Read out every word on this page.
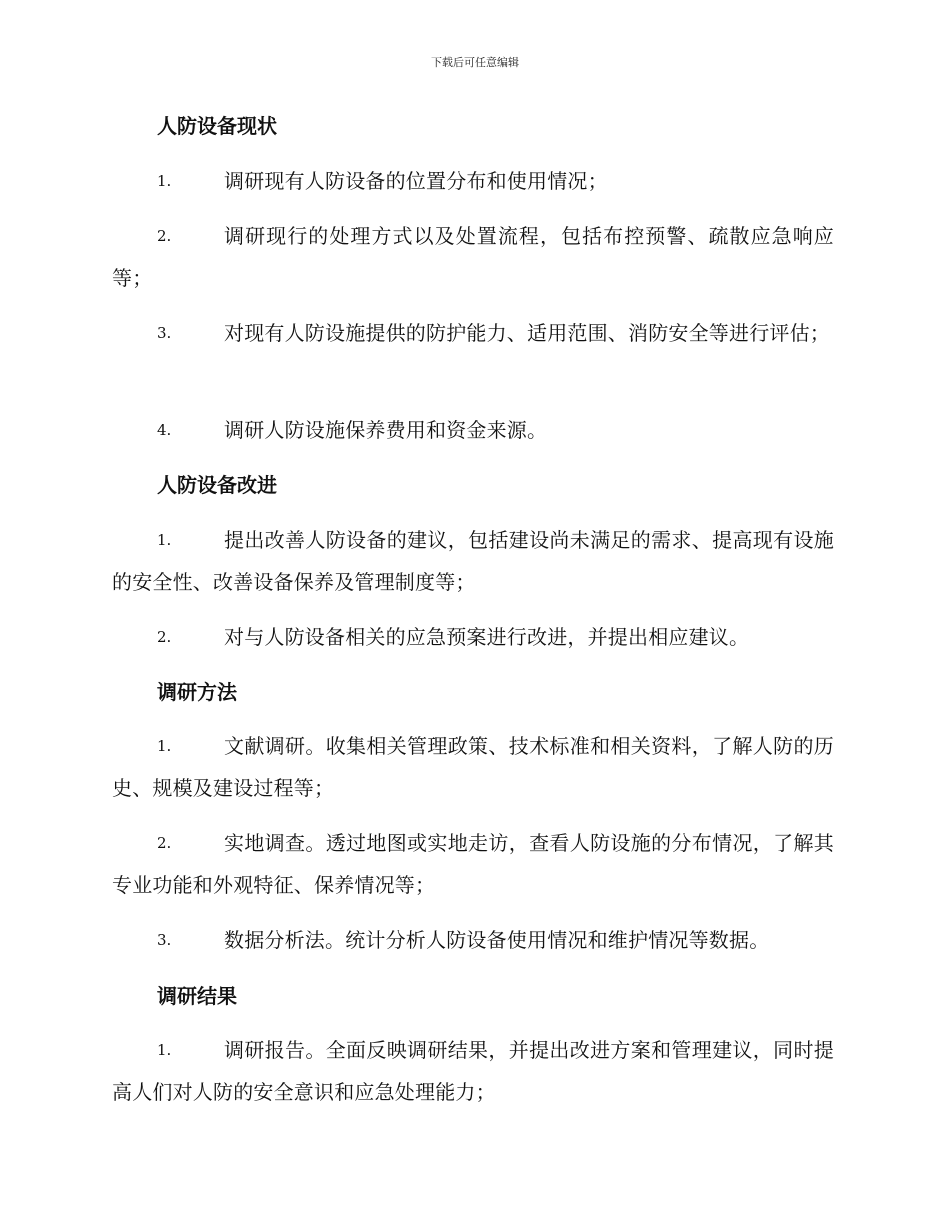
下载后可任意编辑
人防设备现状
1.	调研现有人防设备的位置分布和使用情况；

2.	调研现行的处理方式以及处置流程，包括布控预警、疏散应急响应等；

3.	对现有人防设施提供的防护能力、适用范围、消防安全等进行评估；

4.	调研人防设施保养费用和资金来源。

人防设备改进
1.	提出改善人防设备的建议，包括建设尚未满足的需求、提高现有设施的安全性、改善设备保养及管理制度等；

2.	对与人防设备相关的应急预案进行改进，并提出相应建议。

调研方法
1.	文献调研。收集相关管理政策、技术标准和相关资料，了解人防的历史、规模及建设过程等；

2.	实地调查。透过地图或实地走访，查看人防设施的分布情况，了解其专业功能和外观特征、保养情况等；

3.	数据分析法。统计分析人防设备使用情况和维护情况等数据。

调研结果
1.	调研报告。全面反映调研结果，并提出改进方案和管理建议，同时提高人们对人防的安全意识和应急处理能力；
